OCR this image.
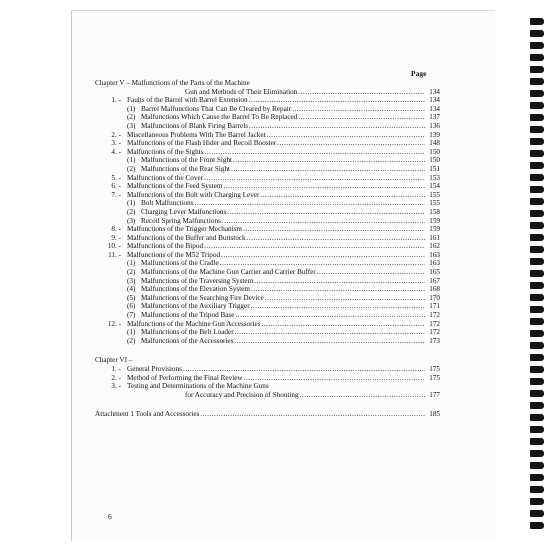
Page
Chapter V – Malfunctions of the Parts of the Machine
Gun and Methods of Their Elimination .....	134
1. - Faults of the Barrel with Barrel Extension .....	134
(1) Barrel Malfunctions That Can Be Cleared by Repair .....	134
(2) Malfunctions Which Cause the Barrel To Be Replaced .....	137
(3) Malfunctions of Blank Firing Barrels .....	136
2. - Miscellaneous Problems With The Barrel Jacket .....	139
3. - Malfunctions of the Flash Hider and Recoil Booster .....	148
4. - Malfunctions of the Sights .....	150
(1) Malfunctions of the Front Sight .....	150
(2) Malfunctions of the Rear Sight .....	151
5. - Malfunctions of the Cover .....	153
6. - Malfunctions of the Feed System .....	154
7. - Malfunctions of the Bolt with Charging Lever .....	155
(1) Bolt Malfunctions .....	155
(2) Charging Lever Malfunctions .....	158
(3) Recoil Spring Malfunctions .....	159
8. - Malfunctions of the Trigger Mechanism .....	159
9. - Malfunctions of the Buffer and Buttstock .....	161
10. - Malfunctions of the Bipod .....	162
11. - Malfunctions of the M52 Tripod .....	163
(1) Malfunctions of the Cradle .....	163
(2) Malfunctions of the Machine Gun Carrier and Carrier Buffer .....	165
(3) Malfunctions of the Traversing System .....	167
(4) Malfunctions of the Elevation System .....	168
(5) Malfunctions of the Searching Fire Device .....	170
(6) Malfunctions of the Auxiliary Trigger .....	171
(7) Malfunctions of the Tripod Base .....	172
12. - Malfunctions of the Machine Gun Accessories .....	172
(1) Malfunctions of the Belt Loader .....	172
(2) Malfunctions of the Accessories .....	173
Chapter VI –
1. - General Provisions .....	175
2. - Method of Performing the Final Review .....	175
3. - Testing and Determinations of the Machine Guns
for Accuracy and Precision of Shooting .....	177
Attachment 1 Tools and Accessories .....	185
6
